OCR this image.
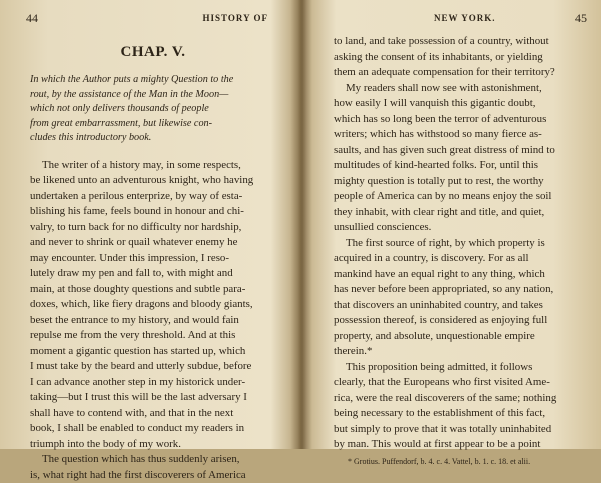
44	HISTORY OF
CHAP. V.
In which the Author puts a mighty Question to the
rout, by the assistance of the Man in the Moon—
which not only delivers thousands of people
from great embarrassment, but likewise con-
cludes this introductory book.
The writer of a history may, in some respects,
be likened unto an adventurous knight, who having
undertaken a perilous enterprize, by way of esta-
blishing his fame, feels bound in honour and chi-
valry, to turn back for no difficulty nor hardship,
and never to shrink or quail whatever enemy he
may encounter. Under this impression, I reso-
lutely draw my pen and fall to, with might and
main, at those doughty questions and subtle para-
doxes, which, like fiery dragons and bloody giants,
beset the entrance to my history, and would fain
repulse me from the very threshold. And at this
moment a gigantic question has started up, which
I must take by the beard and utterly subdue, before
I can advance another step in my historick under-
taking—but I trust this will be the last adversary I
shall have to contend with, and that in the next
book, I shall be enabled to conduct my readers in
triumph into the body of my work.
The question which has thus suddenly arisen,
is, what right had the first discoverers of America
NEW YORK.	45
to land, and take possession of a country, without
asking the consent of its inhabitants, or yielding
them an adequate compensation for their territory?
My readers shall now see with astonishment,
how easily I will vanquish this gigantic doubt,
which has so long been the terror of adventurous
writers; which has withstood so many fierce as-
saults, and has given such great distress of mind to
multitudes of kind-hearted folks. For, until this
mighty question is totally put to rest, the worthy
people of America can by no means enjoy the soil
they inhabit, with clear right and title, and quiet,
unsullied consciences.
The first source of right, by which property is
acquired in a country, is discovery. For as all
mankind have an equal right to any thing, which
has never before been appropriated, so any nation,
that discovers an uninhabited country, and takes
possession thereof, is considered as enjoying full
property, and absolute, unquestionable empire
therein.*
This proposition being admitted, it follows
clearly, that the Europeans who first visited Ame-
rica, were the real discoverers of the same; nothing
being necessary to the establishment of this fact,
but simply to prove that it was totally uninhabited
by man. This would at first appear to be a point
* Grotius. Puffendorf, b. 4. c. 4. Vattel, b. 1. c. 18. et alii.
